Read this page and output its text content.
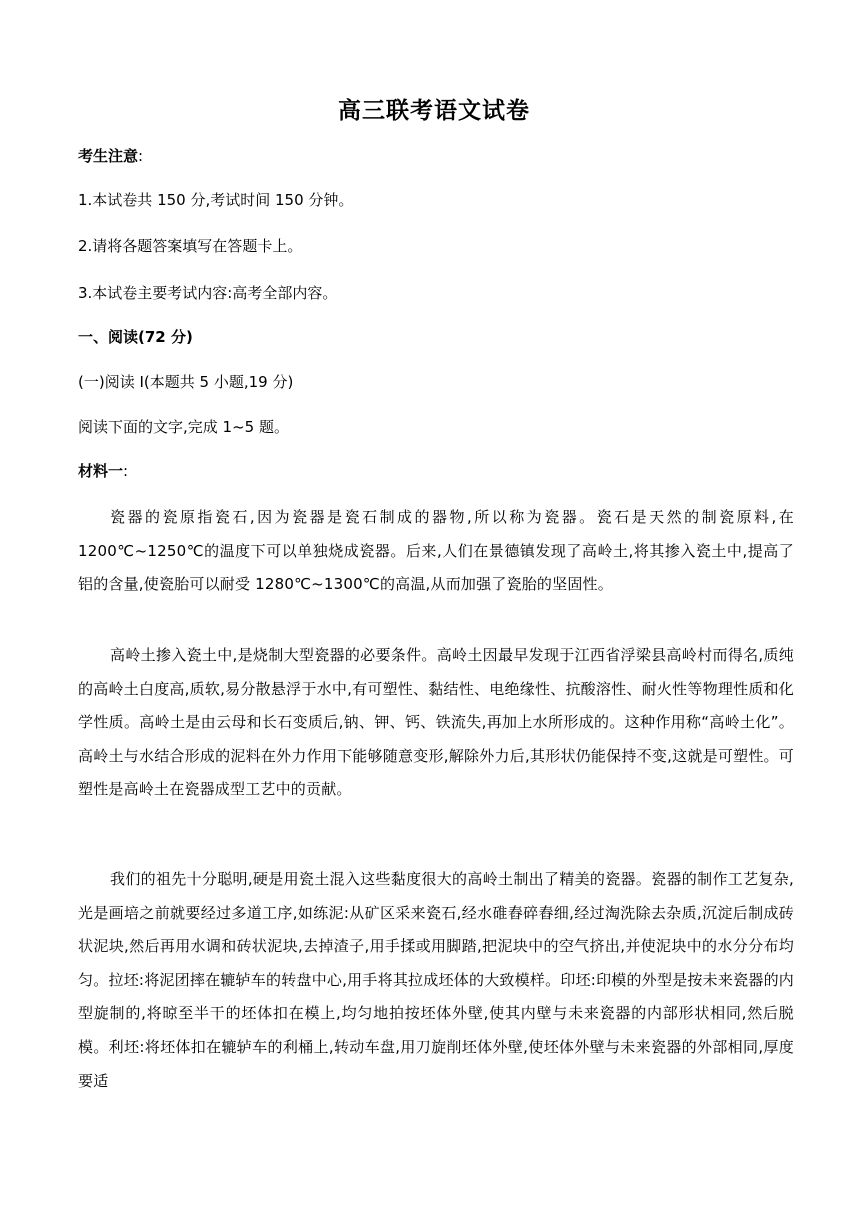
高三联考语文试卷
考生注意:
1.本试卷共 150 分,考试时间 150 分钟。
2.请将各题答案填写在答题卡上。
3.本试卷主要考试内容:高考全部内容。
一、阅读(72 分)
(一)阅读 I(本题共 5 小题,19 分)
阅读下面的文字,完成 1~5 题。
材料一:
瓷器的瓷原指瓷石,因为瓷器是瓷石制成的器物,所以称为瓷器。瓷石是天然的制瓷原料,在1200℃~1250℃的温度下可以单独烧成瓷器。后来,人们在景德镇发现了高岭土,将其掺入瓷土中,提高了铝的含量,使瓷胎可以耐受 1280℃~1300℃的高温,从而加强了瓷胎的坚固性。
高岭土掺入瓷土中,是烧制大型瓷器的必要条件。高岭土因最早发现于江西省浮梁县高岭村而得名,质纯的高岭土白度高,质软,易分散悬浮于水中,有可塑性、黏结性、电绝缘性、抗酸溶性、耐火性等物理性质和化学性质。高岭土是由云母和长石变质后,钠、钾、钙、铁流失,再加上水所形成的。这种作用称“高岭土化”。高岭土与水结合形成的泥料在外力作用下能够随意变形,解除外力后,其形状仍能保持不变,这就是可塑性。可塑性是高岭土在瓷器成型工艺中的贡献。
我们的祖先十分聪明,硬是用瓷土混入这些黏度很大的高岭土制出了精美的瓷器。瓷器的制作工艺复杂,光是画培之前就要经过多道工序,如练泥:从矿区采来瓷石,经水碓舂碎舂细,经过淘洗除去杂质,沉淀后制成砖状泥块,然后再用水调和砖状泥块,去掉渣子,用手揉或用脚踏,把泥块中的空气挤出,并使泥块中的水分分布均匀。拉坯:将泥团摔在辘轳车的转盘中心,用手将其拉成坯体的大致模样。印坯:印模的外型是按未来瓷器的内型旋制的,将晾至半干的坯体扣在模上,均匀地拍按坯体外壁,使其内壁与未来瓷器的内部形状相同,然后脱模。利坯:将坯体扣在辘轳车的利桶上,转动车盘,用刀旋削坯体外壁,使坯体外壁与未来瓷器的外部相同,厚度要适
